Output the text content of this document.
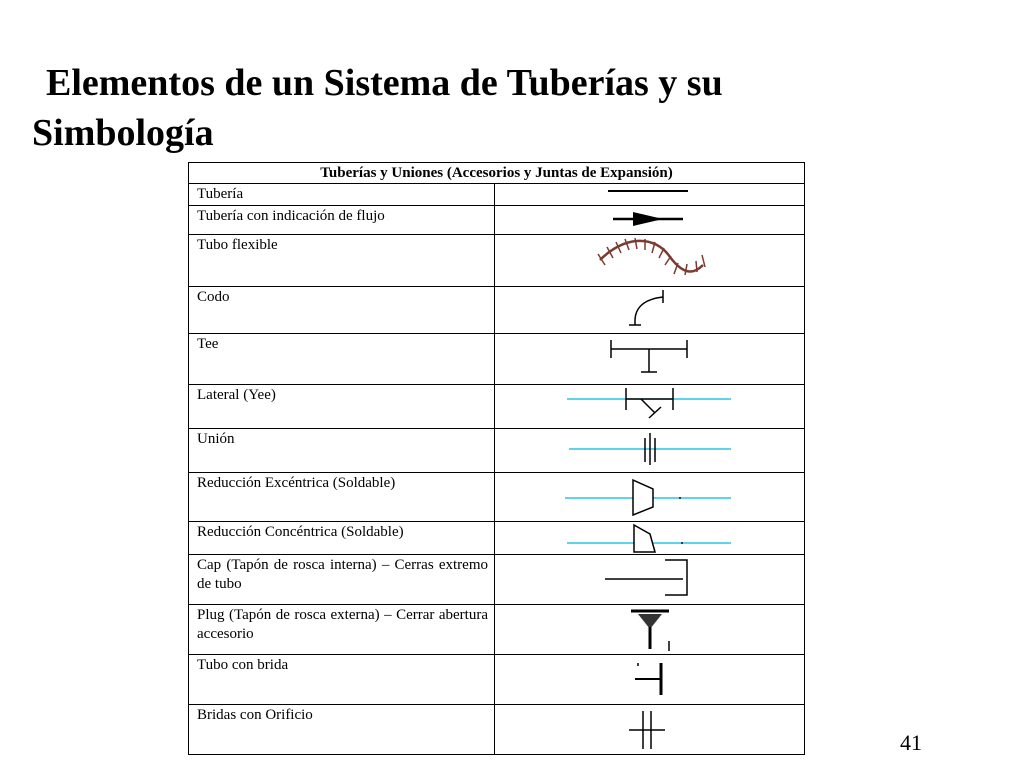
Elementos de un Sistema de Tuberías y su
Simbología
Tuberías y Uniones (Accesorios y Juntas de Expansión)	
Tubería	

Tubería con indicación de flujo	

Tubo flexible	

Codo	

Tee	

Lateral (Yee)	

Unión	

Reducción Excéntrica (Soldable)	
Reducción Concéntrica (Soldable)	

Cap (Tapón de rosca interna) – Cerras extremo de tubo	

Plug (Tapón de rosca externa) – Cerrar abertura accesorio	

Tubo con brida	

Bridas con Orificio	
41
